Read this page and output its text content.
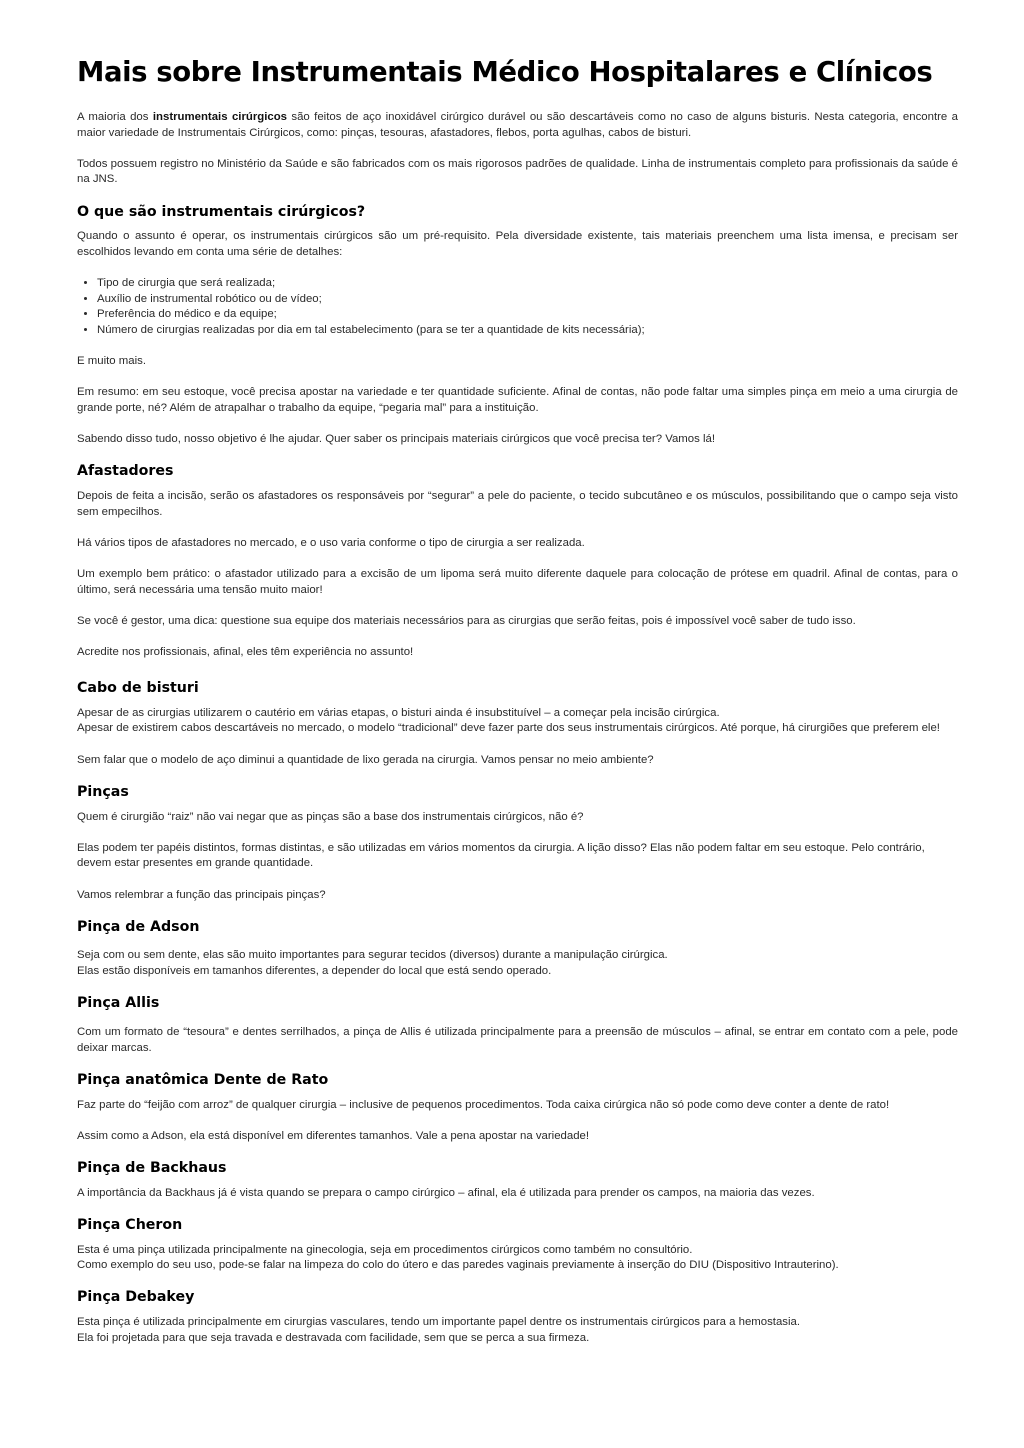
Mais sobre Instrumentais Médico Hospitalares e Clínicos

A maioria dos instrumentais cirúrgicos são feitos de aço inoxidável cirúrgico durável ou são descartáveis como no caso de alguns bisturis. Nesta categoria, encontre a maior variedade de Instrumentais Cirúrgicos, como: pinças, tesouras, afastadores, flebos, porta agulhas, cabos de bisturi.

Todos possuem registro no Ministério da Saúde e são fabricados com os mais rigorosos padrões de qualidade. Linha de instrumentais completo para profissionais da saúde é na JNS.

O que são instrumentais cirúrgicos?

Quando o assunto é operar, os instrumentais cirúrgicos são um pré-requisito. Pela diversidade existente, tais materiais preenchem uma lista imensa, e precisam ser escolhidos levando em conta uma série de detalhes:

• Tipo de cirurgia que será realizada;
• Auxílio de instrumental robótico ou de vídeo;
• Preferência do médico e da equipe;
• Número de cirurgias realizadas por dia em tal estabelecimento (para se ter a quantidade de kits necessária);

E muito mais.

Em resumo: em seu estoque, você precisa apostar na variedade e ter quantidade suficiente. Afinal de contas, não pode faltar uma simples pinça em meio a uma cirurgia de grande porte, né? Além de atrapalhar o trabalho da equipe, “pegaria mal” para a instituição.

Sabendo disso tudo, nosso objetivo é lhe ajudar. Quer saber os principais materiais cirúrgicos que você precisa ter? Vamos lá!

Afastadores

Depois de feita a incisão, serão os afastadores os responsáveis por “segurar” a pele do paciente, o tecido subcutâneo e os músculos, possibilitando que o campo seja visto sem empecilhos.

Há vários tipos de afastadores no mercado, e o uso varia conforme o tipo de cirurgia a ser realizada.

Um exemplo bem prático: o afastador utilizado para a excisão de um lipoma será muito diferente daquele para colocação de prótese em quadril. Afinal de contas, para o último, será necessária uma tensão muito maior!

Se você é gestor, uma dica: questione sua equipe dos materiais necessários para as cirurgias que serão feitas, pois é impossível você saber de tudo isso.

Acredite nos profissionais, afinal, eles têm experiência no assunto!

Cabo de bisturi

Apesar de as cirurgias utilizarem o cautério em várias etapas, o bisturi ainda é insubstituível – a começar pela incisão cirúrgica.

Apesar de existirem cabos descartáveis no mercado, o modelo “tradicional” deve fazer parte dos seus instrumentais cirúrgicos. Até porque, há cirurgiões que preferem ele!

Sem falar que o modelo de aço diminui a quantidade de lixo gerada na cirurgia. Vamos pensar no meio ambiente?

Pinças

Quem é cirurgião “raiz” não vai negar que as pinças são a base dos instrumentais cirúrgicos, não é?

Elas podem ter papéis distintos, formas distintas, e são utilizadas em vários momentos da cirurgia. A lição disso? Elas não podem faltar em seu estoque. Pelo contrário, devem estar presentes em grande quantidade.

Vamos relembrar a função das principais pinças?

Pinça de Adson

Seja com ou sem dente, elas são muito importantes para segurar tecidos (diversos) durante a manipulação cirúrgica.

Elas estão disponíveis em tamanhos diferentes, a depender do local que está sendo operado.

Pinça Allis

Com um formato de “tesoura” e dentes serrilhados, a pinça de Allis é utilizada principalmente para a preensão de músculos – afinal, se entrar em contato com a pele, pode deixar marcas.

Pinça anatômica Dente de Rato

Faz parte do “feijão com arroz” de qualquer cirurgia – inclusive de pequenos procedimentos. Toda caixa cirúrgica não só pode como deve conter a dente de rato!

Assim como a Adson, ela está disponível em diferentes tamanhos. Vale a pena apostar na variedade!

Pinça de Backhaus

A importância da Backhaus já é vista quando se prepara o campo cirúrgico – afinal, ela é utilizada para prender os campos, na maioria das vezes.

Pinça Cheron

Esta é uma pinça utilizada principalmente na ginecologia, seja em procedimentos cirúrgicos como também no consultório.

Como exemplo do seu uso, pode-se falar na limpeza do colo do útero e das paredes vaginais previamente à inserção do DIU (Dispositivo Intrauterino).

Pinça Debakey

Esta pinça é utilizada principalmente em cirurgias vasculares, tendo um importante papel dentre os instrumentais cirúrgicos para a hemostasia.

Ela foi projetada para que seja travada e destravada com facilidade, sem que se perca a sua firmeza.
